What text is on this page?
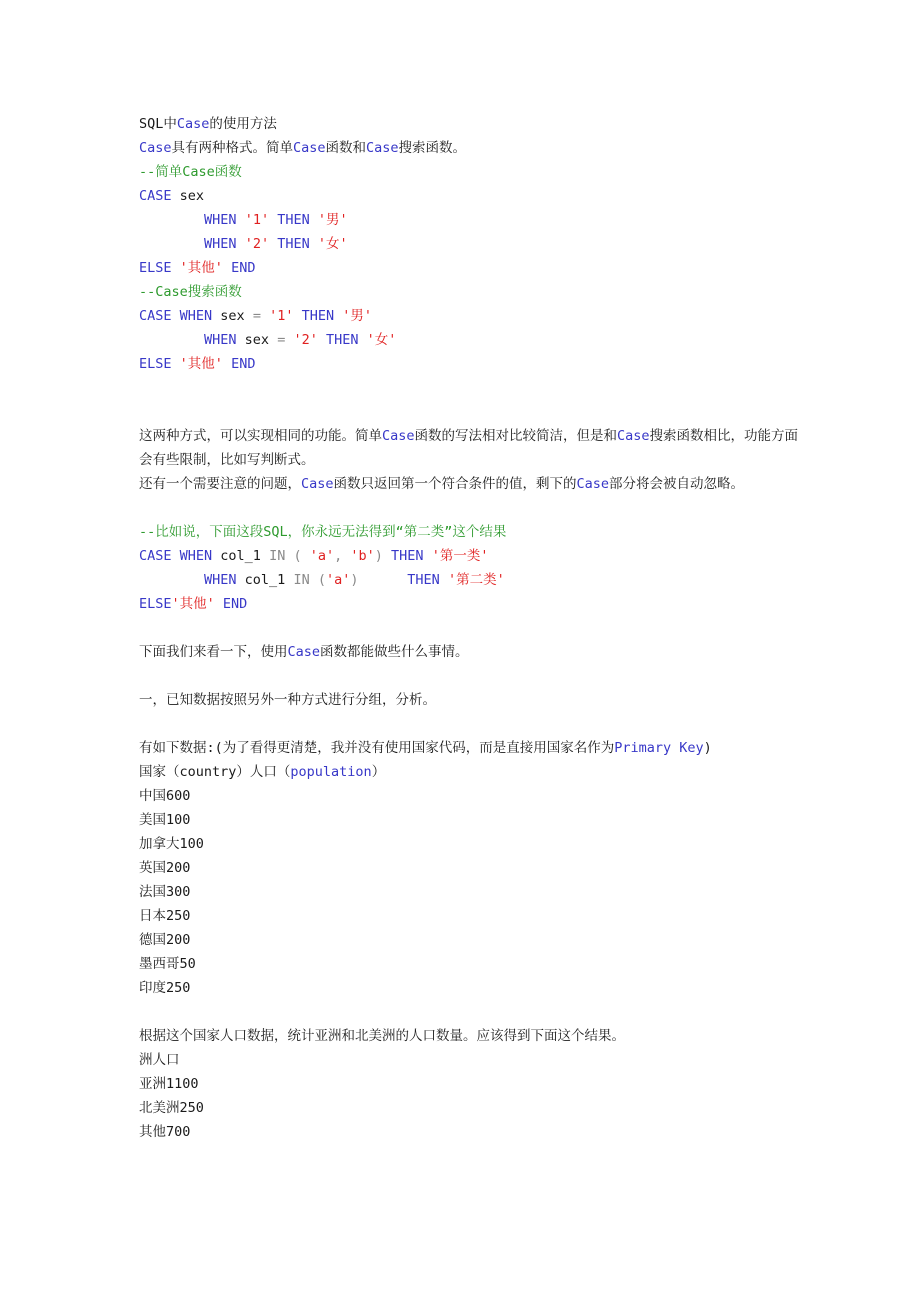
SQL中Case的使用方法
Case具有两种格式。简单Case函数和Case搜索函数。
--简单Case函数
CASE sex
WHEN '1' THEN '男'
WHEN '2' THEN '女'
ELSE '其他' END
--Case搜索函数
CASE WHEN sex = '1' THEN '男'
WHEN sex = '2' THEN '女'
ELSE '其他' END
这两种方式，可以实现相同的功能。简单Case函数的写法相对比较简洁，但是和Case搜索函数相比，功能方面会有些限制，比如写判断式。
还有一个需要注意的问题，Case函数只返回第一个符合条件的值，剩下的Case部分将会被自动忽略。
--比如说，下面这段SQL，你永远无法得到“第二类”这个结果
CASE WHEN col_1 IN ( 'a', 'b') THEN '第一类'
WHEN col_1 IN ('a')	THEN '第二类'
ELSE'其他' END
下面我们来看一下，使用Case函数都能做些什么事情。
一，已知数据按照另外一种方式进行分组，分析。
有如下数据:(为了看得更清楚，我并没有使用国家代码，而是直接用国家名作为Primary Key)
国家（country）人口（population）
中国600
美国100
加拿大100
英国200
法国300
日本250
德国200
墨西哥50
印度250
根据这个国家人口数据，统计亚洲和北美洲的人口数量。应该得到下面这个结果。
洲人口
亚洲1100
北美洲250
其他700
